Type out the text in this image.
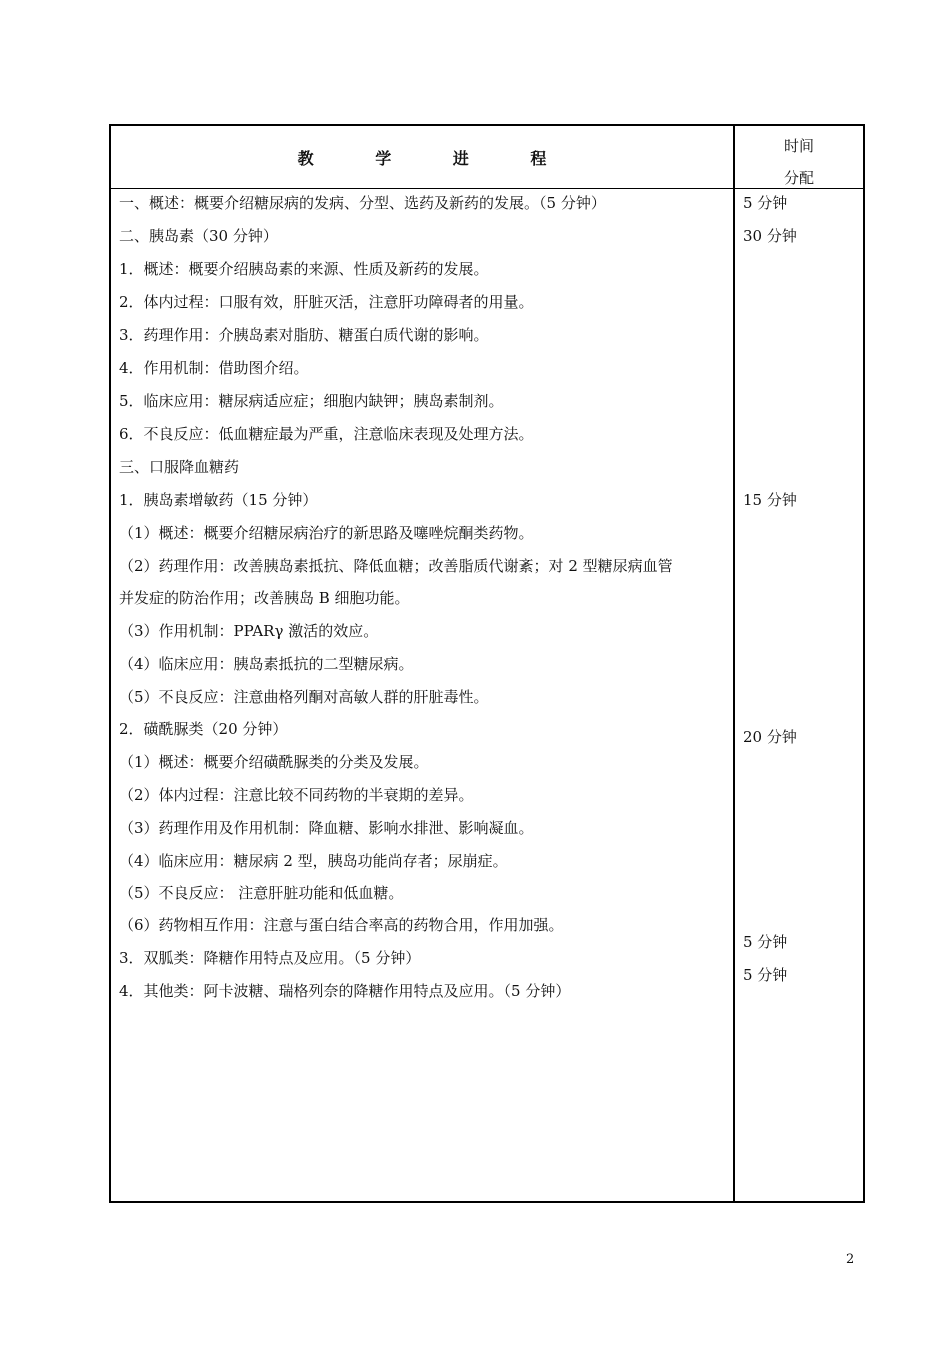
教 学 进 程
时间
分配
一、概述：概要介绍糖尿病的发病、分型、选药及新药的发展。（5 分钟）
二、胰岛素（30 分钟）
1．概述：概要介绍胰岛素的来源、性质及新药的发展。
2．体内过程：口服有效，肝脏灭活，注意肝功障碍者的用量。
3．药理作用：介胰岛素对脂肪、糖蛋白质代谢的影响。
4．作用机制：借助图介绍。
5．临床应用：糖尿病适应症；细胞内缺钾；胰岛素制剂。
6．不良反应：低血糖症最为严重，注意临床表现及处理方法。
三、口服降血糖药
1．胰岛素增敏药（15 分钟）
（1）概述：概要介绍糖尿病治疗的新思路及噻唑烷酮类药物。
（2）药理作用：改善胰岛素抵抗、降低血糖；改善脂质代谢紊；对 2 型糖尿病血管
并发症的防治作用；改善胰岛 B 细胞功能。
（3）作用机制：PPARγ 激活的效应。
（4）临床应用：胰岛素抵抗的二型糖尿病。
（5）不良反应：注意曲格列酮对高敏人群的肝脏毒性。
2．磺酰脲类（20 分钟）
（1）概述：概要介绍磺酰脲类的分类及发展。
（2）体内过程：注意比较不同药物的半衰期的差异。
（3）药理作用及作用机制：降血糖、影响水排泄、影响凝血。
（4）临床应用：糖尿病 2 型，胰岛功能尚存者；尿崩症。
（5）不良反应： 注意肝脏功能和低血糖。
（6）药物相互作用：注意与蛋白结合率高的药物合用，作用加强。
3．双胍类：降糖作用特点及应用。（5 分钟）
4．其他类：阿卡波糖、瑞格列奈的降糖作用特点及应用。（5 分钟）
5 分钟
30 分钟
15 分钟
20 分钟
5 分钟
5 分钟
2
